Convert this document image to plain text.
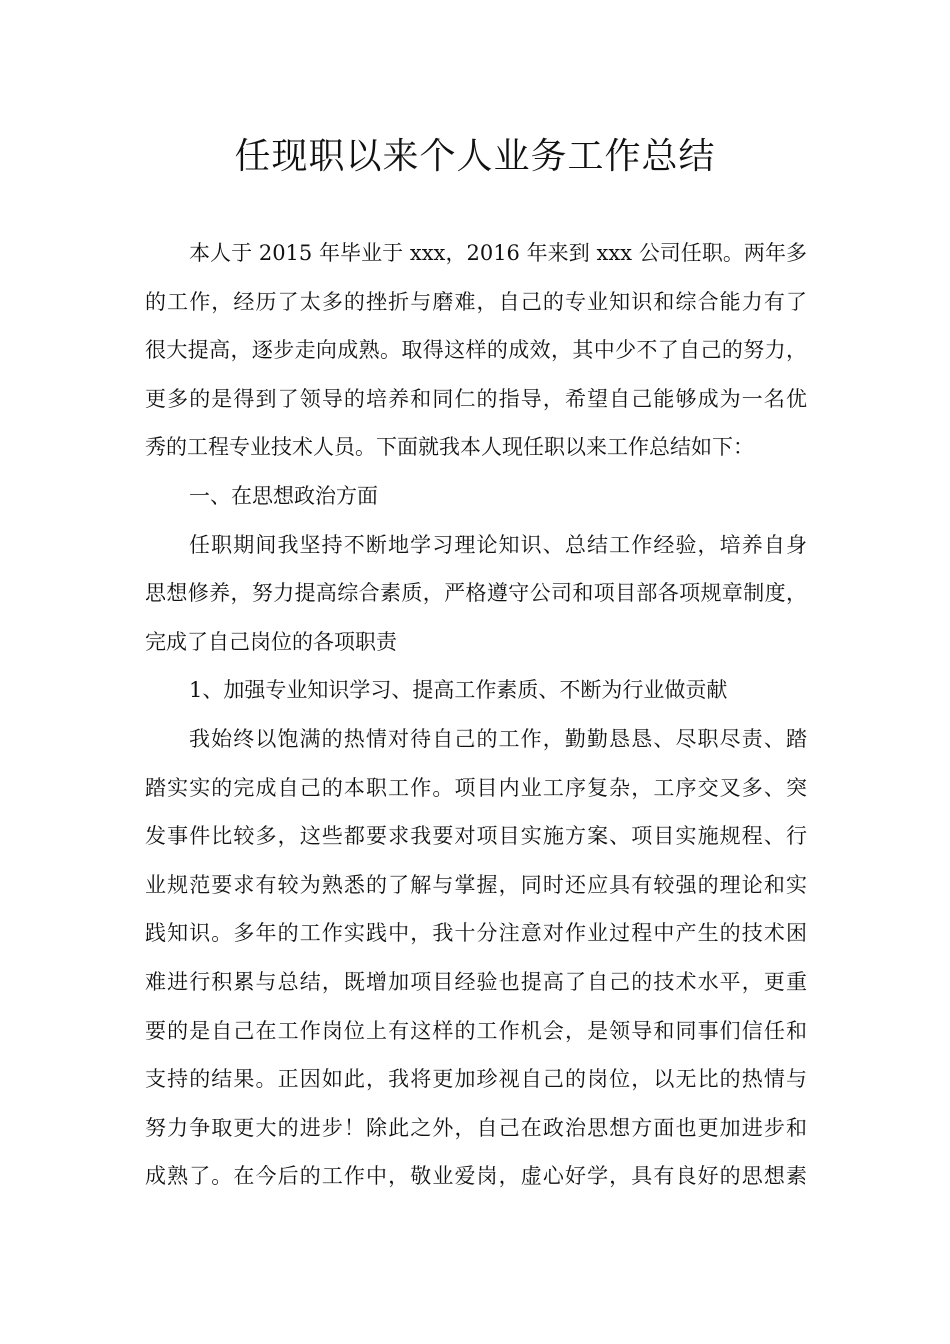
任现职以来个人业务工作总结
本人于 2015 年毕业于 xxx，2016 年来到 xxx 公司任职。两年多
的工作，经历了太多的挫折与磨难，自己的专业知识和综合能力有了
很大提高，逐步走向成熟。取得这样的成效，其中少不了自己的努力，
更多的是得到了领导的培养和同仁的指导，希望自己能够成为一名优
秀的工程专业技术人员。下面就我本人现任职以来工作总结如下：
一、在思想政治方面
任职期间我坚持不断地学习理论知识、总结工作经验，培养自身
思想修养，努力提高综合素质，严格遵守公司和项目部各项规章制度，
完成了自己岗位的各项职责
1、加强专业知识学习、提高工作素质、不断为行业做贡献
我始终以饱满的热情对待自己的工作，勤勤恳恳、尽职尽责、踏
踏实实的完成自己的本职工作。项目内业工序复杂，工序交叉多、突
发事件比较多，这些都要求我要对项目实施方案、项目实施规程、行
业规范要求有较为熟悉的了解与掌握，同时还应具有较强的理论和实
践知识。多年的工作实践中，我十分注意对作业过程中产生的技术困
难进行积累与总结，既增加项目经验也提高了自己的技术水平，更重
要的是自己在工作岗位上有这样的工作机会，是领导和同事们信任和
支持的结果。正因如此，我将更加珍视自己的岗位，以无比的热情与
努力争取更大的进步！除此之外，自己在政治思想方面也更加进步和
成熟了。在今后的工作中，敬业爱岗，虚心好学，具有良好的思想素
